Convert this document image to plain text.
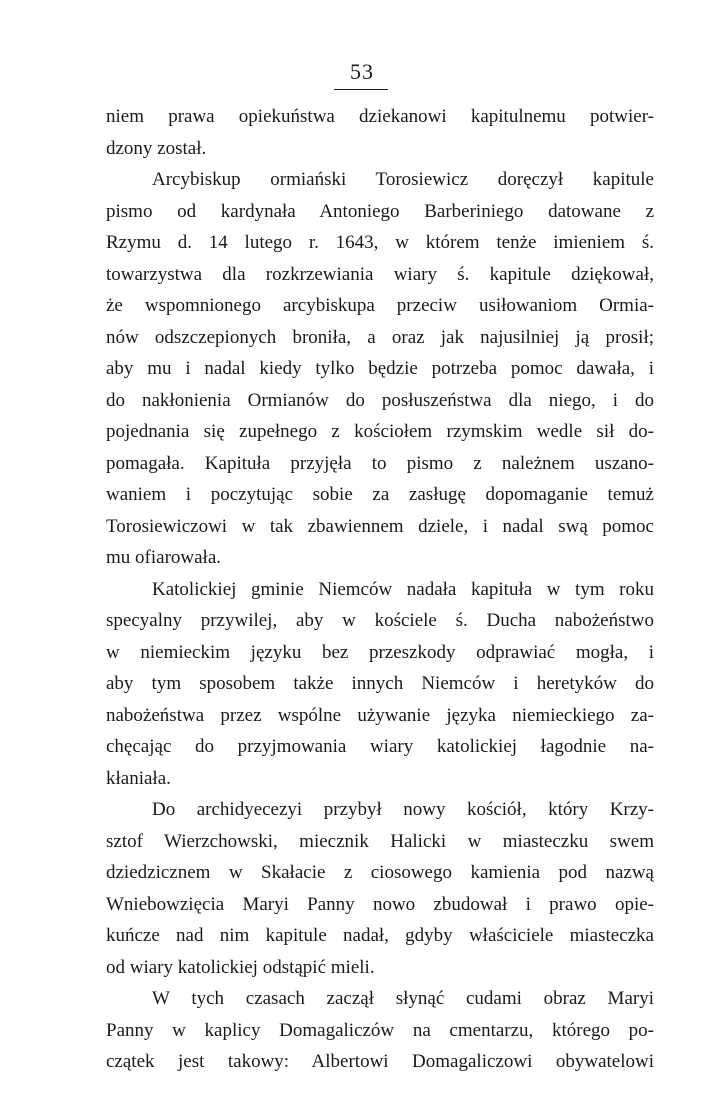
53
niem prawa opiekuństwa dziekanowi kapitulnemu potwier-
dzony został.
Arcybiskup ormiański Torosiewicz doręczył kapitule
pismo od kardynała Antoniego Barberiniego datowane z
Rzymu d. 14 lutego r. 1643, w którem tenże imieniem ś.
towarzystwa dla rozkrzewiania wiary ś. kapitule dziękował,
że wspomnionego arcybiskupa przeciw usiłowaniom Ormia-
nów odszczepionych broniła, a oraz jak najusilniej ją prosił;
aby mu i nadal kiedy tylko będzie potrzeba pomoc dawała, i
do nakłonienia Ormianów do posłuszeństwa dla niego, i do
pojednania się zupełnego z kościołem rzymskim wedle sił do-
pomagała. Kapituła przyjęła to pismo z należnem uszano-
waniem i poczytując sobie za zasługę dopomaganie temuż
Torosiewiczowi w tak zbawiennem dziele, i nadal swą pomoc
mu ofiarowała.
Katolickiej gminie Niemców nadała kapituła w tym roku
specyalny przywilej, aby w kościele ś. Ducha nabożeństwo
w niemieckim języku bez przeszkody odprawiać mogła, i
aby tym sposobem także innych Niemców i heretyków do
nabożeństwa przez wspólne używanie języka niemieckiego za-
chęcając do przyjmowania wiary katolickiej łagodnie na-
kłaniała.
Do archidyecezyi przybył nowy kościół, który Krzy-
sztof Wierzchowski, miecznik Halicki w miasteczku swem
dziedzicznem w Skałacie z ciosowego kamienia pod nazwą
Wniebowzięcia Maryi Panny nowo zbudował i prawo opie-
kuńcze nad nim kapitule nadał, gdyby właściciele miasteczka
od wiary katolickiej odstąpić mieli.
W tych czasach zaczął słynąć cudami obraz Maryi
Panny w kaplicy Domagaliczów na cmentarzu, którego po-
czątek jest takowy: Albertowi Domagaliczowi obywatelowi
